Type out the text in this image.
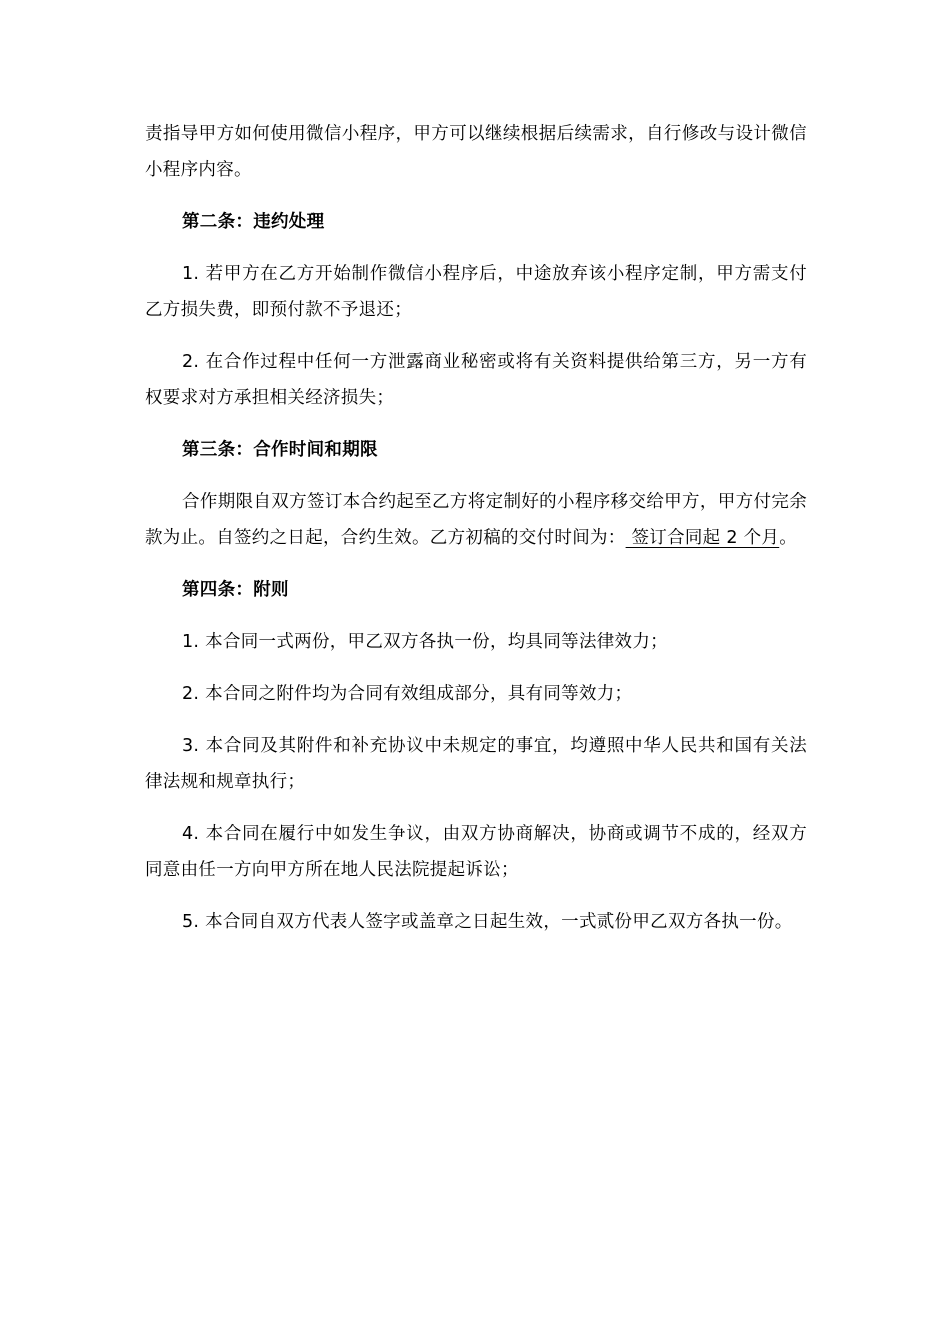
责指导甲方如何使用微信小程序，甲方可以继续根据后续需求，自行修改与设计微信小程序内容。

第二条：违约处理

1. 若甲方在乙方开始制作微信小程序后，中途放弃该小程序定制，甲方需支付乙方损失费，即预付款不予退还；

2. 在合作过程中任何一方泄露商业秘密或将有关资料提供给第三方，另一方有权要求对方承担相关经济损失；

第三条：合作时间和期限

合作期限自双方签订本合约起至乙方将定制好的小程序移交给甲方，甲方付完余款为止。自签约之日起，合约生效。乙方初稿的交付时间为： 签订合同起 2 个月。

第四条：附则

1. 本合同一式两份，甲乙双方各执一份，均具同等法律效力；

2. 本合同之附件均为合同有效组成部分，具有同等效力；

3. 本合同及其附件和补充协议中未规定的事宜，均遵照中华人民共和国有关法律法规和规章执行；

4. 本合同在履行中如发生争议，由双方协商解决，协商或调节不成的，经双方同意由任一方向甲方所在地人民法院提起诉讼；

5. 本合同自双方代表人签字或盖章之日起生效，一式贰份甲乙双方各执一份。
